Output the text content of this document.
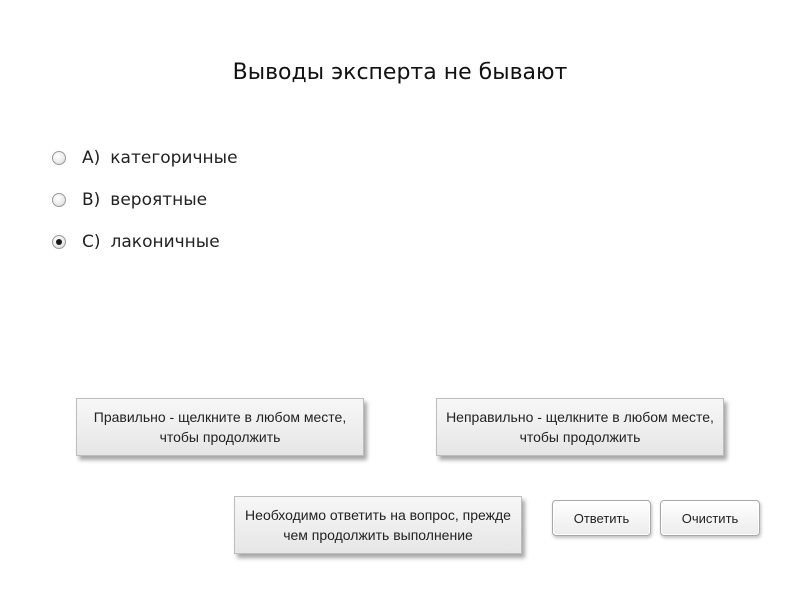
Выводы эксперта не бывают
A) категоричные
B) вероятные
C) лаконичные
Правильно - щелкните в любом месте, чтобы продолжить
Неправильно - щелкните в любом месте, чтобы продолжить
Необходимо ответить на вопрос, прежде чем продолжить выполнение
Ответить	Очистить
